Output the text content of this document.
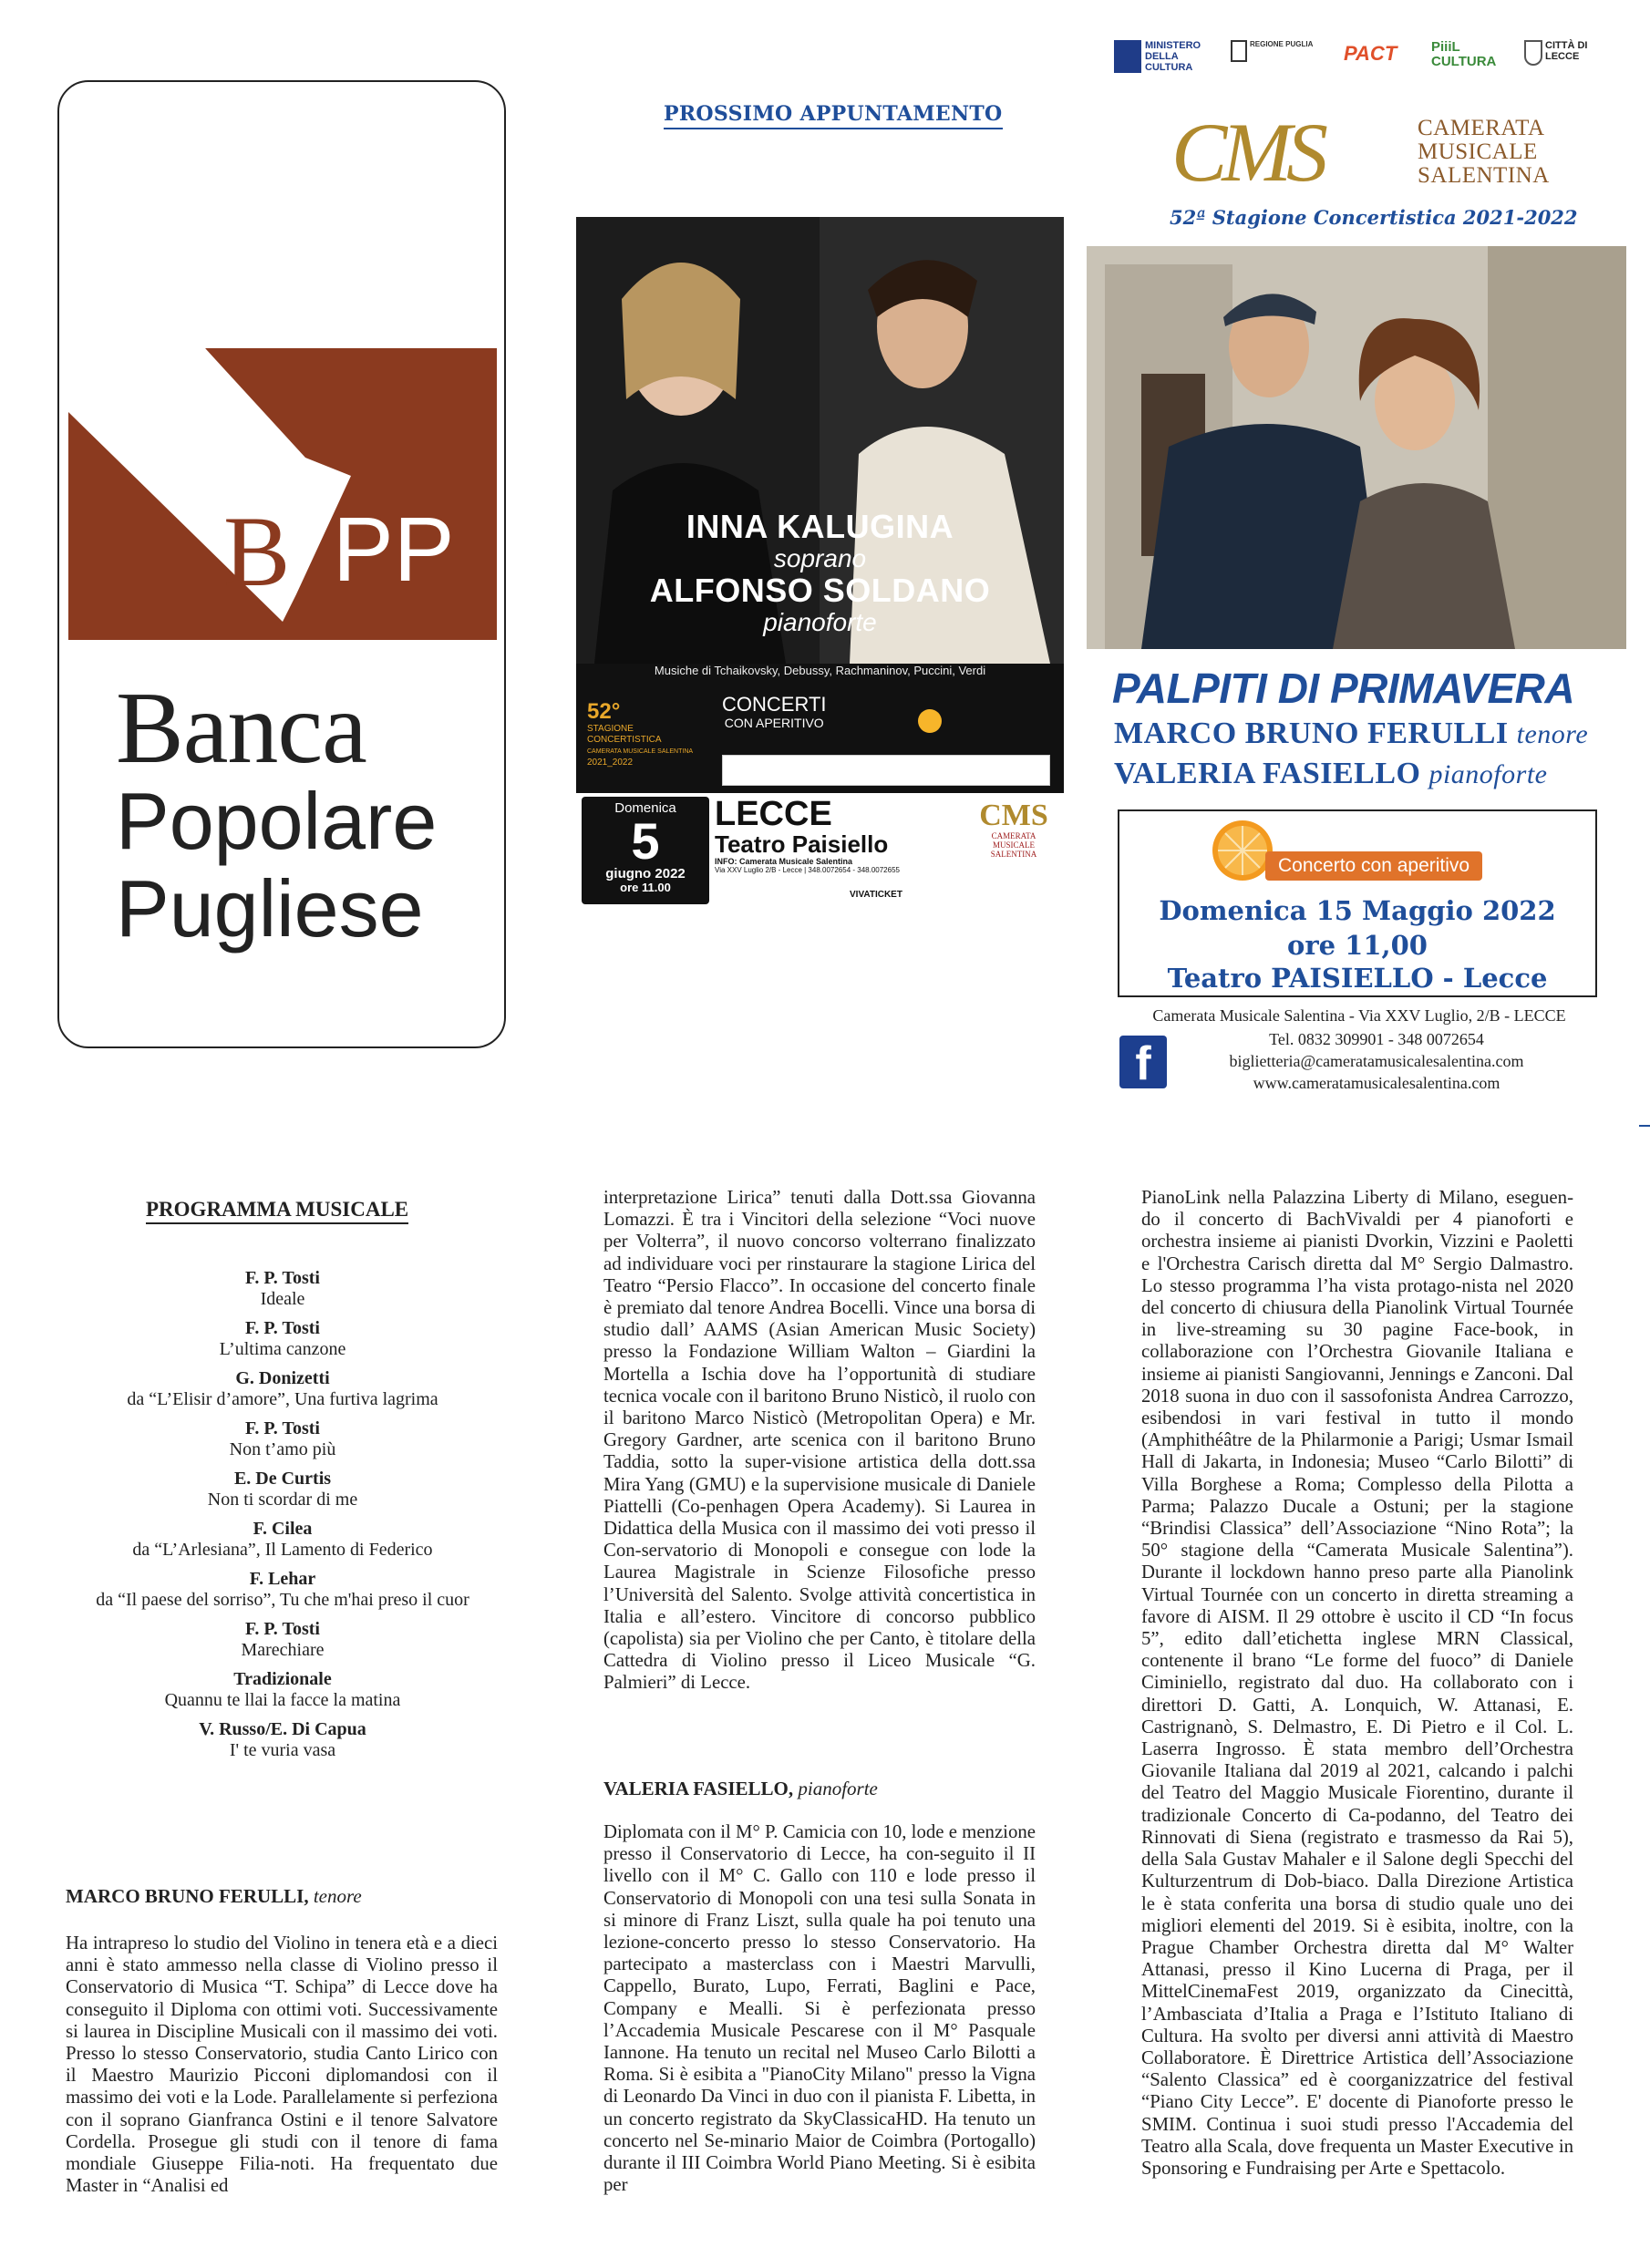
B PP
Banca
Popolare
Pugliese
PROSSIMO APPUNTAMENTO
INNA KALUGINA
soprano
ALFONSO SOLDANO
pianoforte
Musiche di Tchaikovsky, Debussy, Rachmaninov, Puccini, Verdi
52°
STAGIONE
CONCERTISTICA
CAMERATA MUSICALE SALENTINA
2021_2022
CONCERTI
CON APERITIVO
Domenica
5
giugno 2022
ore 11.00
LECCE
Teatro Paisiello
INFO: Camerata Musicale Salentina
Via XXV Luglio 2/B - Lecce | 348.0072654 - 348.0072655
CMS
CAMERATA
MUSICALE
SALENTINA
VIVATICKET
MINISTERO DELLA CULTURA
REGIONE PUGLIA	PACT	PiiiL CULTURA
CITTÀ DI LECCE
CMS	CAMERATA
MUSICALE
SALENTINA
52ª Stagione Concertistica 2021-2022
PALPITI DI PRIMAVERA
MARCO BRUNO FERULLI tenore
VALERIA FASIELLO pianoforte
Concerto con aperitivo
Domenica 15 Maggio 2022
ore 11,00
Teatro PAISIELLO - Lecce
Camerata Musicale Salentina - Via XXV Luglio, 2/B - LECCE
f	Tel. 0832 309901 - 348 0072654
biglietteria@cameratamusicalesalentina.com
www.cameratamusicalesalentina.com
PROGRAMMA MUSICALE
F. P. Tosti
Ideale
F. P. Tosti
L’ultima canzone
G. Donizetti
da “L’Elisir d’amore”, Una furtiva lagrima
F. P. Tosti
Non t’amo più
E. De Curtis
Non ti scordar di me
F. Cilea
da “L’Arlesiana”, Il Lamento di Federico
F. Lehar
da “Il paese del sorriso”, Tu che m'hai preso il cuor
F. P. Tosti
Marechiare
Tradizionale
Quannu te llai la facce la matina
V. Russo/E. Di Capua
I' te vuria vasa
MARCO BRUNO FERULLI, tenore
Ha intrapreso lo studio del Violino in tenera età e a dieci anni è stato ammesso nella classe di Violino presso il Conservatorio di Musica “T. Schipa” di Lecce dove ha conseguito il Diploma con ottimi voti. Successivamente si laurea in Discipline Musicali con il massimo dei voti. Presso lo stesso Conservatorio, studia Canto Lirico con il Maestro Maurizio Picconi diplomandosi con il massimo dei voti e la Lode. Parallelamente si perfeziona con il soprano Gianfranca Ostini e il tenore Salvatore Cordella. Prosegue gli studi con il tenore di fama mondiale Giuseppe Filia-noti. Ha frequentato due Master in “Analisi ed
interpretazione Lirica” tenuti dalla Dott.ssa Giovanna Lomazzi. È tra i Vincitori della selezione “Voci nuove per Volterra”, il nuovo concorso volterrano finalizzato ad individuare voci per rinstaurare la stagione Lirica del Teatro “Persio Flacco”. In occasione del concerto finale è premiato dal tenore Andrea Bocelli. Vince una borsa di studio dall’ AAMS (Asian American Music Society) presso la Fondazione William Walton – Giardini la Mortella a Ischia dove ha l’opportunità di studiare tecnica vocale con il baritono Bruno Nisticò, il ruolo con il baritono Marco Nisticò (Metropolitan Opera) e Mr. Gregory Gardner, arte scenica con il baritono Bruno Taddia, sotto la super-visione artistica della dott.ssa Mira Yang (GMU) e la supervisione musicale di Daniele Piattelli (Co-penhagen Opera Academy). Si Laurea in Didattica della Musica con il massimo dei voti presso il Con-servatorio di Monopoli e consegue con lode la Laurea Magistrale in Scienze Filosofiche presso l’Università del Salento. Svolge attività concertistica in Italia e all’estero. Vincitore di concorso pubblico (capolista) sia per Violino che per Canto, è titolare della Cattedra di Violino presso il Liceo Musicale “G. Palmieri” di Lecce.
VALERIA FASIELLO, pianoforte
Diplomata con il M° P. Camicia con 10, lode e menzione presso il Conservatorio di Lecce, ha con-seguito il II livello con il M° C. Gallo con 110 e lode presso il Conservatorio di Monopoli con una tesi sulla Sonata in si minore di Franz Liszt, sulla quale ha poi tenuto una lezione-concerto presso lo stesso Conservatorio. Ha partecipato a masterclass con i Maestri Marvulli, Cappello, Burato, Lupo, Ferrati, Baglini e Pace, Company e Mealli. Si è perfezionata presso l’Accademia Musicale Pescarese con il M° Pasquale Iannone. Ha tenuto un recital nel Museo Carlo Bilotti a Roma. Si è esibita a "PianoCity Milano" presso la Vigna di Leonardo Da Vinci in duo con il pianista F. Libetta, in un concerto registrato da SkyClassicaHD. Ha tenuto un concerto nel Se-minario Maior de Coimbra (Portogallo) durante il III Coimbra World Piano Meeting. Si è esibita per
PianoLink nella Palazzina Liberty di Milano, eseguen-do il concerto di BachVivaldi per 4 pianoforti e orchestra insieme ai pianisti Dvorkin, Vizzini e Paoletti e l'Orchestra Carisch diretta dal M° Sergio Dalmastro. Lo stesso programma l’ha vista protago-nista nel 2020 del concerto di chiusura della Pianolink Virtual Tournée in live-streaming su 30 pagine Face-book, in collaborazione con l’Orchestra Giovanile Italiana e insieme ai pianisti Sangiovanni, Jennings e Zanconi. Dal 2018 suona in duo con il sassofonista Andrea Carrozzo, esibendosi in vari festival in tutto il mondo (Amphithéâtre de la Philarmonie a Parigi; Usmar Ismail Hall di Jakarta, in Indonesia; Museo “Carlo Bilotti” di Villa Borghese a Roma; Complesso della Pilotta a Parma; Palazzo Ducale a Ostuni; per la stagione “Brindisi Classica” dell’Associazione “Nino Rota”; la 50° stagione della “Camerata Musicale Salentina”). Durante il lockdown hanno preso parte alla Pianolink Virtual Tournée con un concerto in diretta streaming a favore di AISM. Il 29 ottobre è uscito il CD “In focus 5”, edito dall’etichetta inglese MRN Classical, contenente il brano “Le forme del fuoco” di Daniele Ciminiello, registrato dal duo. Ha collaborato con i direttori D. Gatti, A. Lonquich, W. Attanasi, E. Castrignanò, S. Delmastro, E. Di Pietro e il Col. L. Laserra Ingrosso. È stata membro dell’Orchestra Giovanile Italiana dal 2019 al 2021, calcando i palchi del Teatro del Maggio Musicale Fiorentino, durante il tradizionale Concerto di Ca-podanno, del Teatro dei Rinnovati di Siena (registrato e trasmesso da Rai 5), della Sala Gustav Mahaler e il Salone degli Specchi del Kulturzentrum di Dob-biaco. Dalla Direzione Artistica le è stata conferita una borsa di studio quale uno dei migliori elementi del 2019. Si è esibita, inoltre, con la Prague Chamber Orchestra diretta dal M° Walter Attanasi, presso il Kino Lucerna di Praga, per il MittelCinemaFest 2019, organizzato da Cinecittà, l’Ambasciata d’Italia a Praga e l’Istituto Italiano di Cultura. Ha svolto per diversi anni attività di Maestro Collaboratore. È Direttrice Artistica dell’Associazione “Salento Classica” ed è coorganizzatrice del festival “Piano City Lecce”. E' docente di Pianoforte presso le SMIM. Continua i suoi studi presso l'Accademia del Teatro alla Scala, dove frequenta un Master Executive in Sponsoring e Fundraising per Arte e Spettacolo.
